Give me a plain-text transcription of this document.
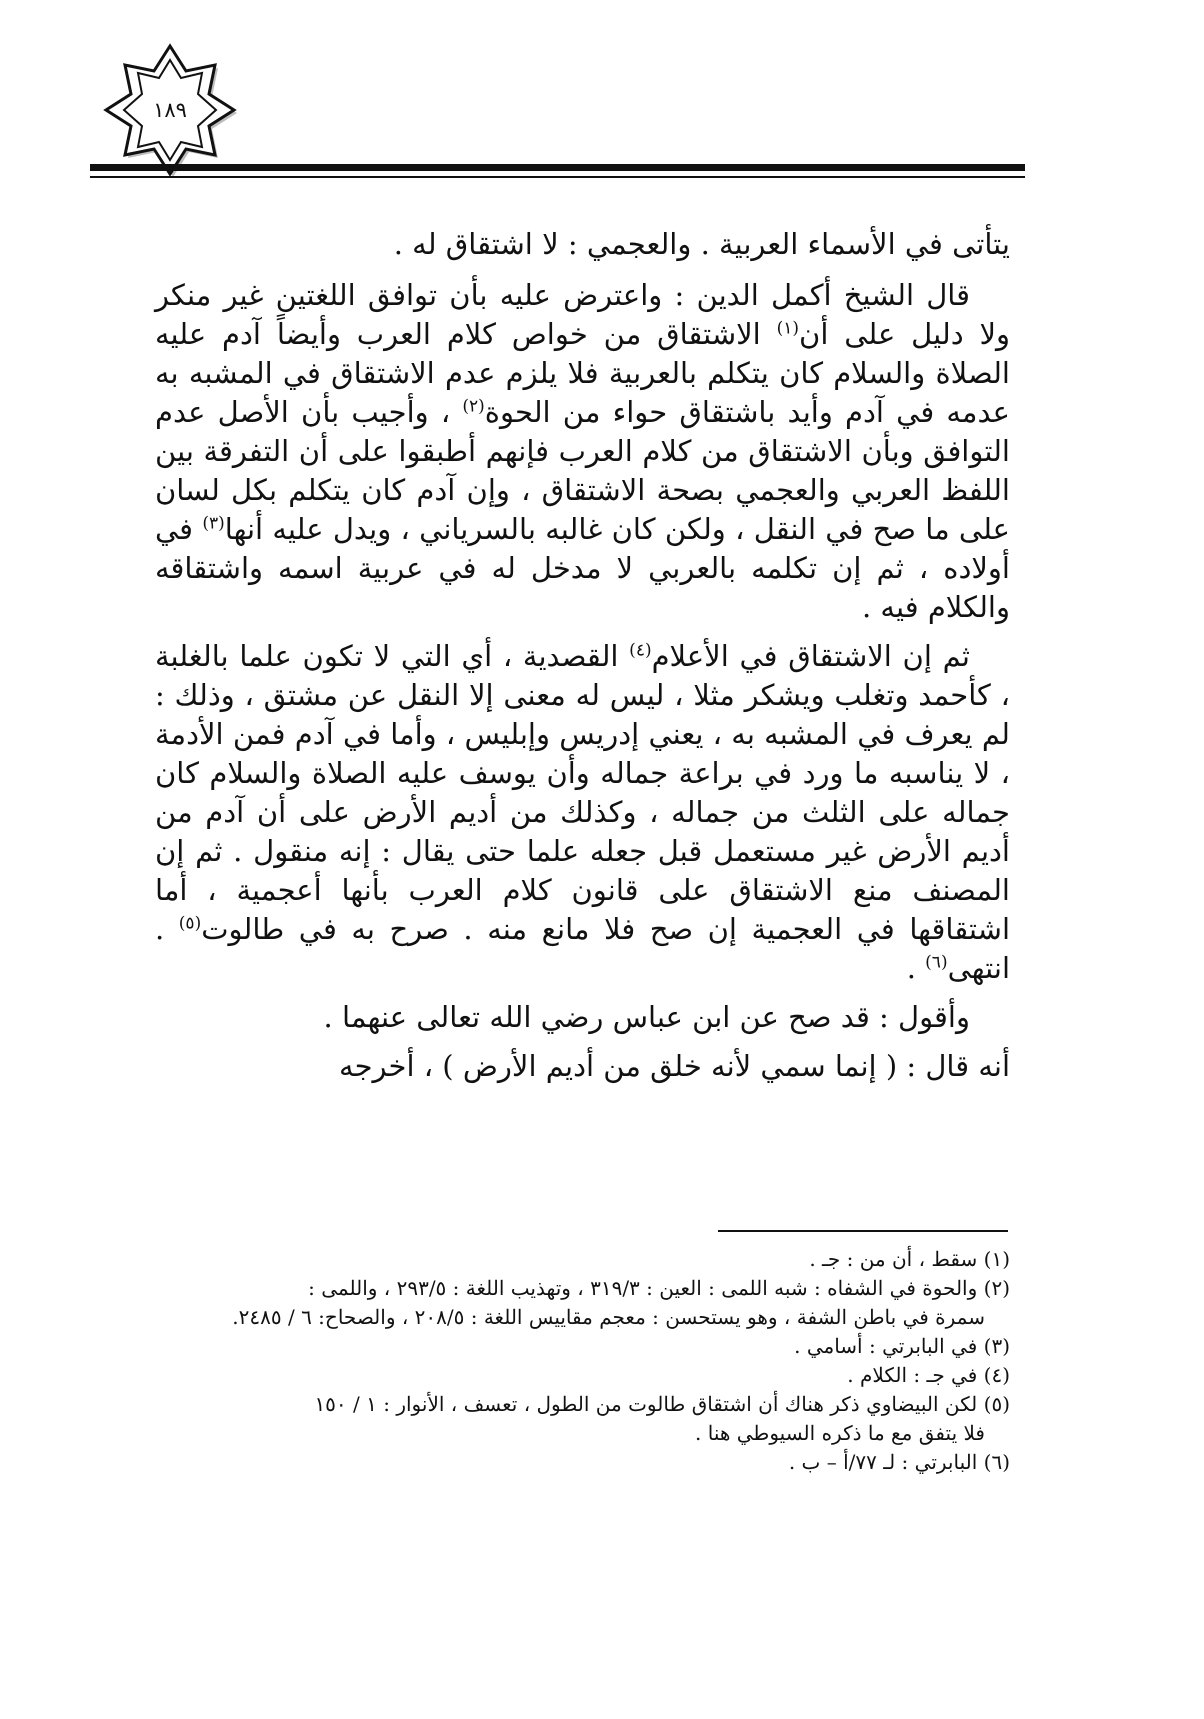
١٨٩

يتأتى في الأسماء العربية . والعجمي : لا اشتقاق له .

قال الشيخ أكمل الدين : واعترض عليه بأن توافق اللغتين غير منكر ولا دليل على أن$^{(١)}$ الاشتقاق من خواص كلام العرب وأيضاً آدم عليه الصلاة والسلام كان يتكلم بالعربية فلا يلزم عدم الاشتقاق في المشبه به عدمه في آدم وأيد باشتقاق حواء من الحوة$^{(٢)}$ ، وأجيب بأن الأصل عدم التوافق وبأن الاشتقاق من كلام العرب فإنهم أطبقوا على أن التفرقة بين اللفظ العربي والعجمي بصحة الاشتقاق ، وإن آدم كان يتكلم بكل لسان على ما صح في النقل ، ولكن كان غالبه بالسرياني ، ويدل عليه أنها$^{(٣)}$ في أولاده ، ثم إن تكلمه بالعربي لا مدخل له في عربية اسمه واشتقاقه والكلام فيه .

ثم إن الاشتقاق في الأعلام$^{(٤)}$ القصدية ، أي التي لا تكون علما بالغلبة ، كأحمد وتغلب ويشكر مثلا ، ليس له معنى إلا النقل عن مشتق ، وذلك : لم يعرف في المشبه به ، يعني إدريس وإبليس ، وأما في آدم فمن الأدمة ، لا يناسبه ما ورد في براعة جماله وأن يوسف عليه الصلاة والسلام كان جماله على الثلث من جماله ، وكذلك من أديم الأرض على أن آدم من أديم الأرض غير مستعمل قبل جعله علما حتى يقال : إنه منقول . ثم إن المصنف منع الاشتقاق على قانون كلام العرب بأنها أعجمية ، أما اشتقاقها في العجمية إن صح فلا مانع منه . صرح به في طالوت$^{(٥)}$ . انتهى$^{(٦)}$ .

وأقول : قد صح عن ابن عباس رضي الله تعالى عنهما .

أنه قال : ( إنما سمي لأنه خلق من أديم الأرض ) ، أخرجه

(١) سقط ، أن من : جـ .

(٢) والحوة في الشفاه : شبه اللمى : العين : ٣١٩/٣ ، وتهذيب اللغة : ٢٩٣/٥ ، واللمى :

سمرة في باطن الشفة ، وهو يستحسن : معجم مقاييس اللغة : ٢٠٨/٥ ، والصحاح: ٦ / ٢٤٨٥.

(٣) في البابرتي : أسامي .

(٤) في جـ : الكلام .

(٥) لكن البيضاوي ذكر هناك أن اشتقاق طالوت من الطول ، تعسف ، الأنوار : ١ / ١٥٠

فلا يتفق مع ما ذكره السيوطي هنا .

(٦) البابرتي : لـ ٧٧/أ – ب .
